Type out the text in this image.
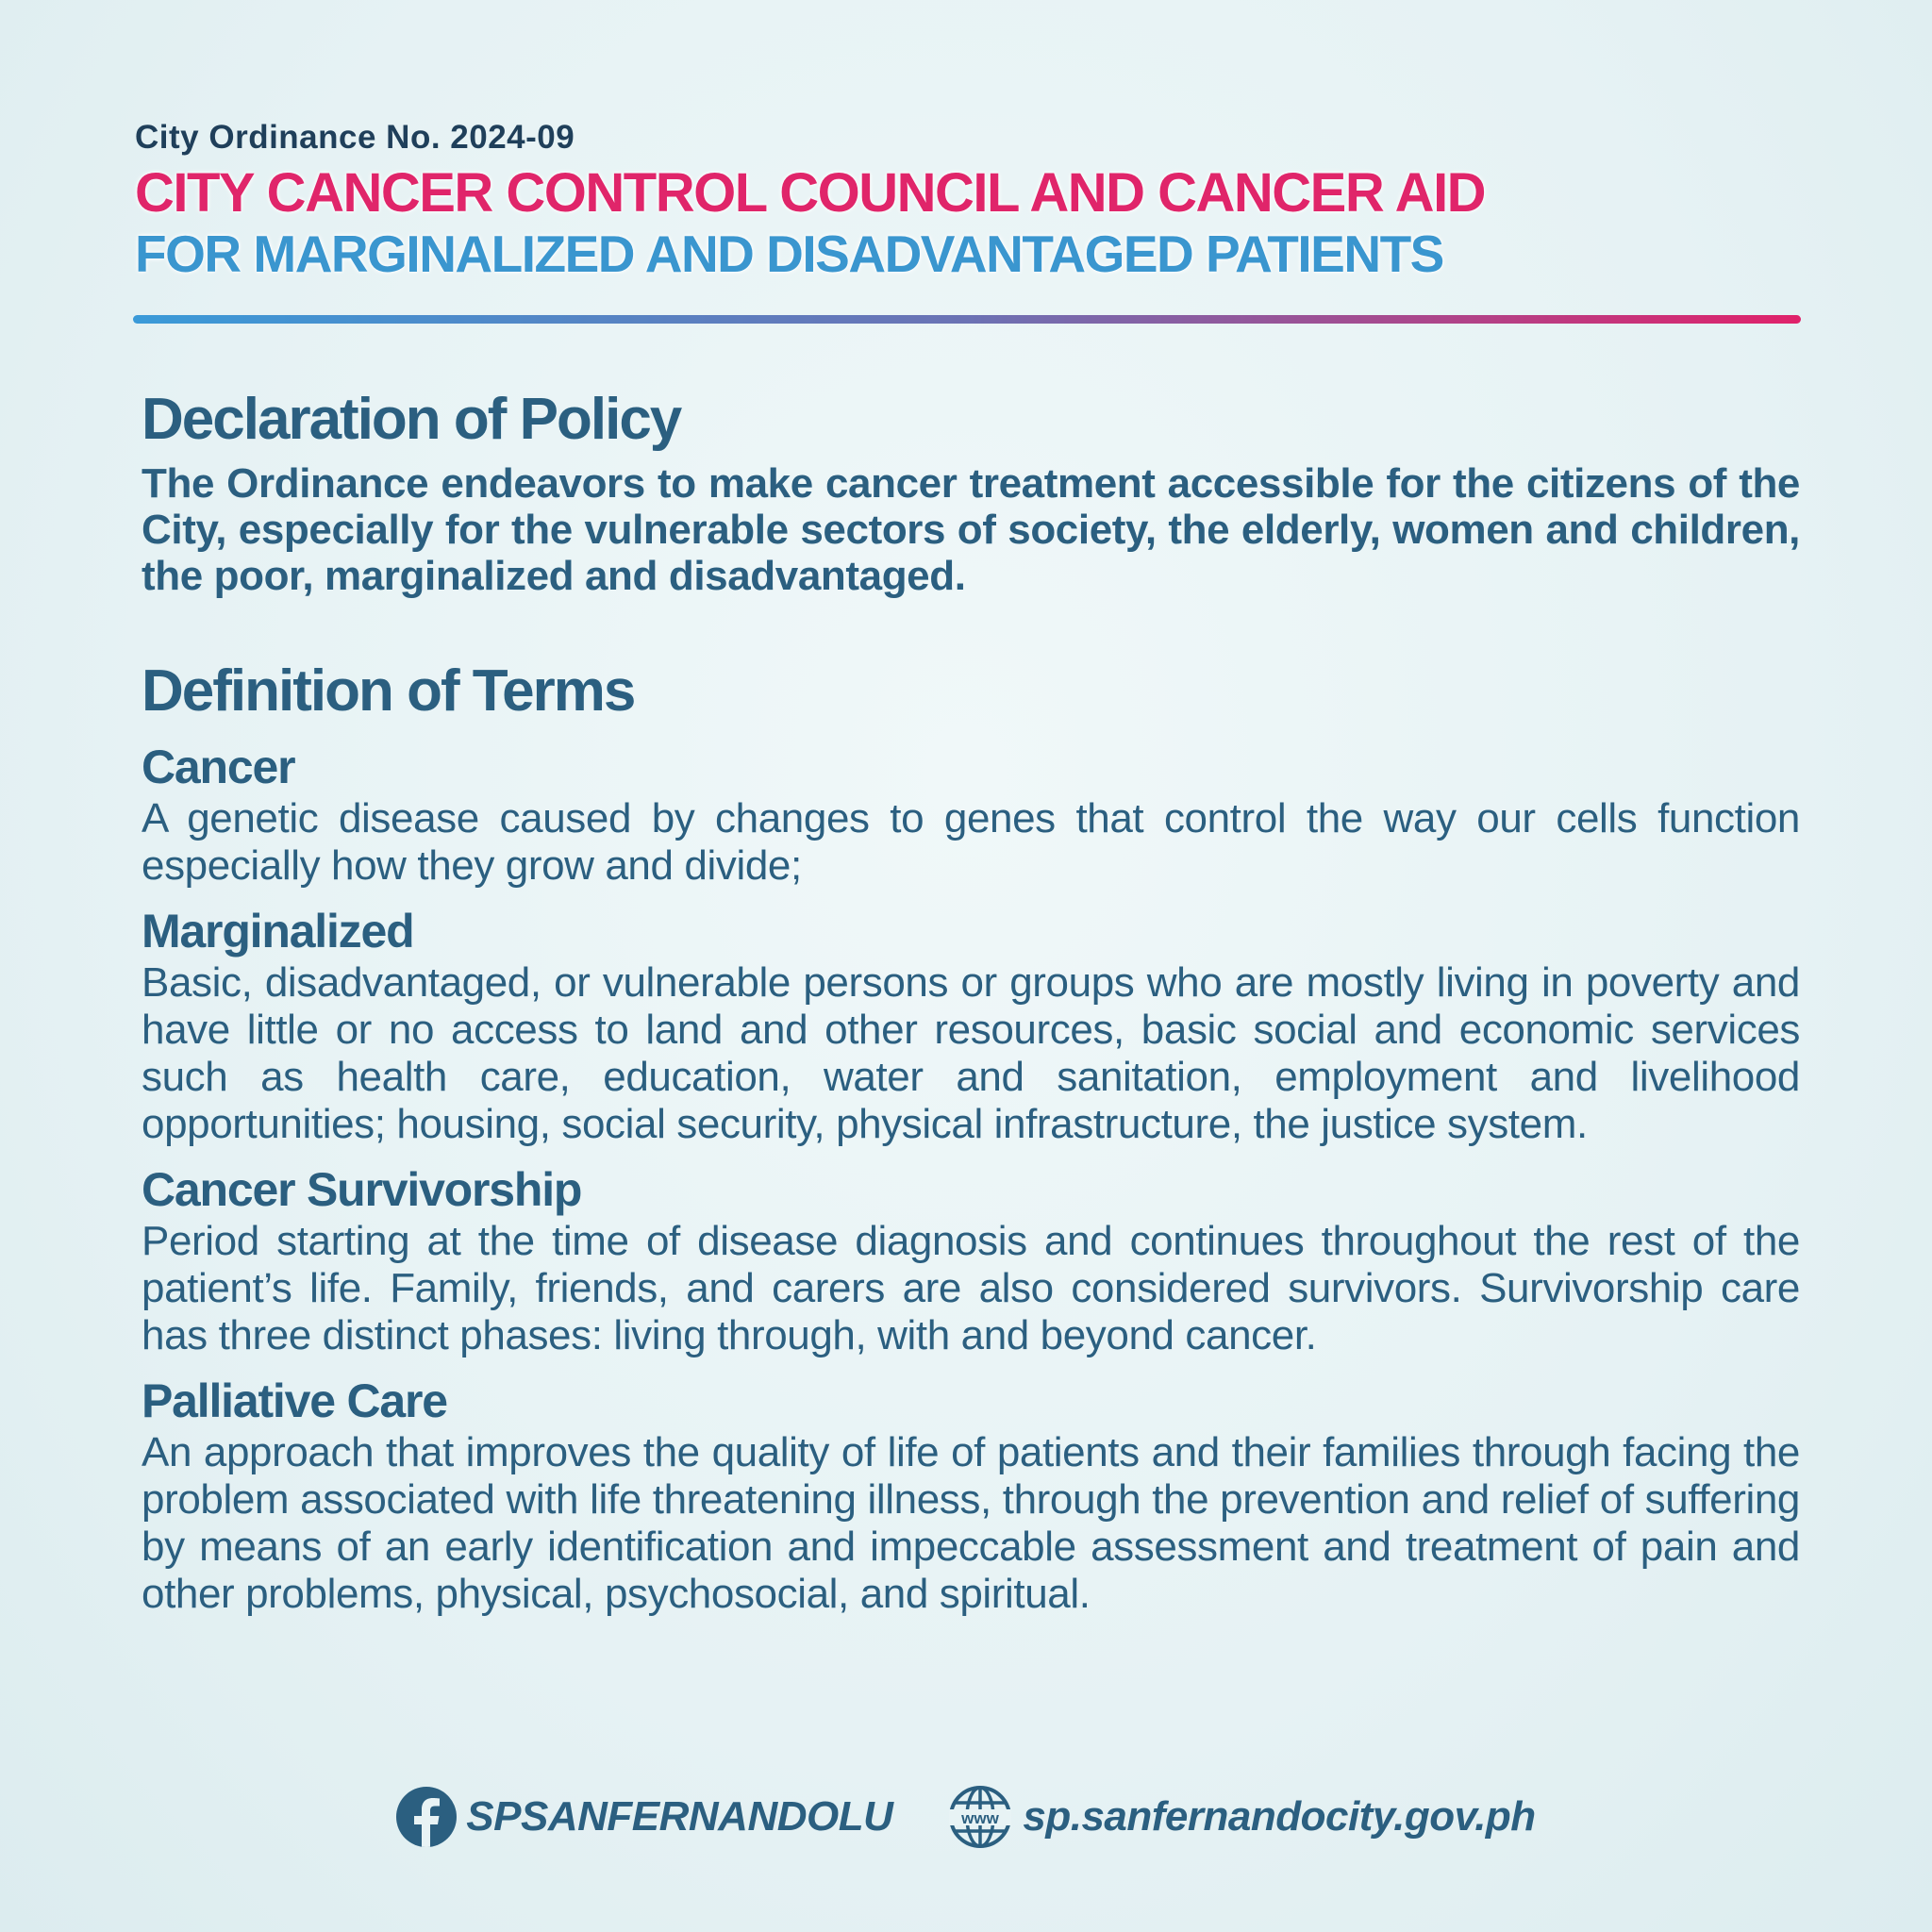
City Ordinance No. 2024-09

CITY CANCER CONTROL COUNCIL AND CANCER AID

FOR MARGINALIZED AND DISADVANTAGED PATIENTS

Declaration of Policy

The Ordinance endeavors to make cancer treatment accessible for the citizens of the City, especially for the vulnerable sectors of society, the elderly, women and children, the poor, marginalized and disadvantaged.

Definition of Terms
Cancer

A genetic disease caused by changes to genes that control the way our cells function especially how they grow and divide;

Marginalized

Basic, disadvantaged, or vulnerable persons or groups who are mostly living in poverty and have little or no access to land and other resources, basic social and economic services such as health care, education, water and sanitation, employment and livelihood opportunities; housing, social security, physical infrastructure, the justice system.

Cancer Survivorship

Period starting at the time of disease diagnosis and continues throughout the rest of the patient’s life. Family, friends, and carers are also considered survivors. Survivorship care has three distinct phases: living through, with and beyond cancer.

Palliative Care

An approach that improves the quality of life of patients and their families through facing the problem associated with life threatening illness, through the prevention and relief of suffering by means of an early identification and impeccable assessment and treatment of pain and other problems, physical, psychosocial, and spiritual.

SPSANFERNANDOLU	www sp.sanfernandocity.gov.ph
